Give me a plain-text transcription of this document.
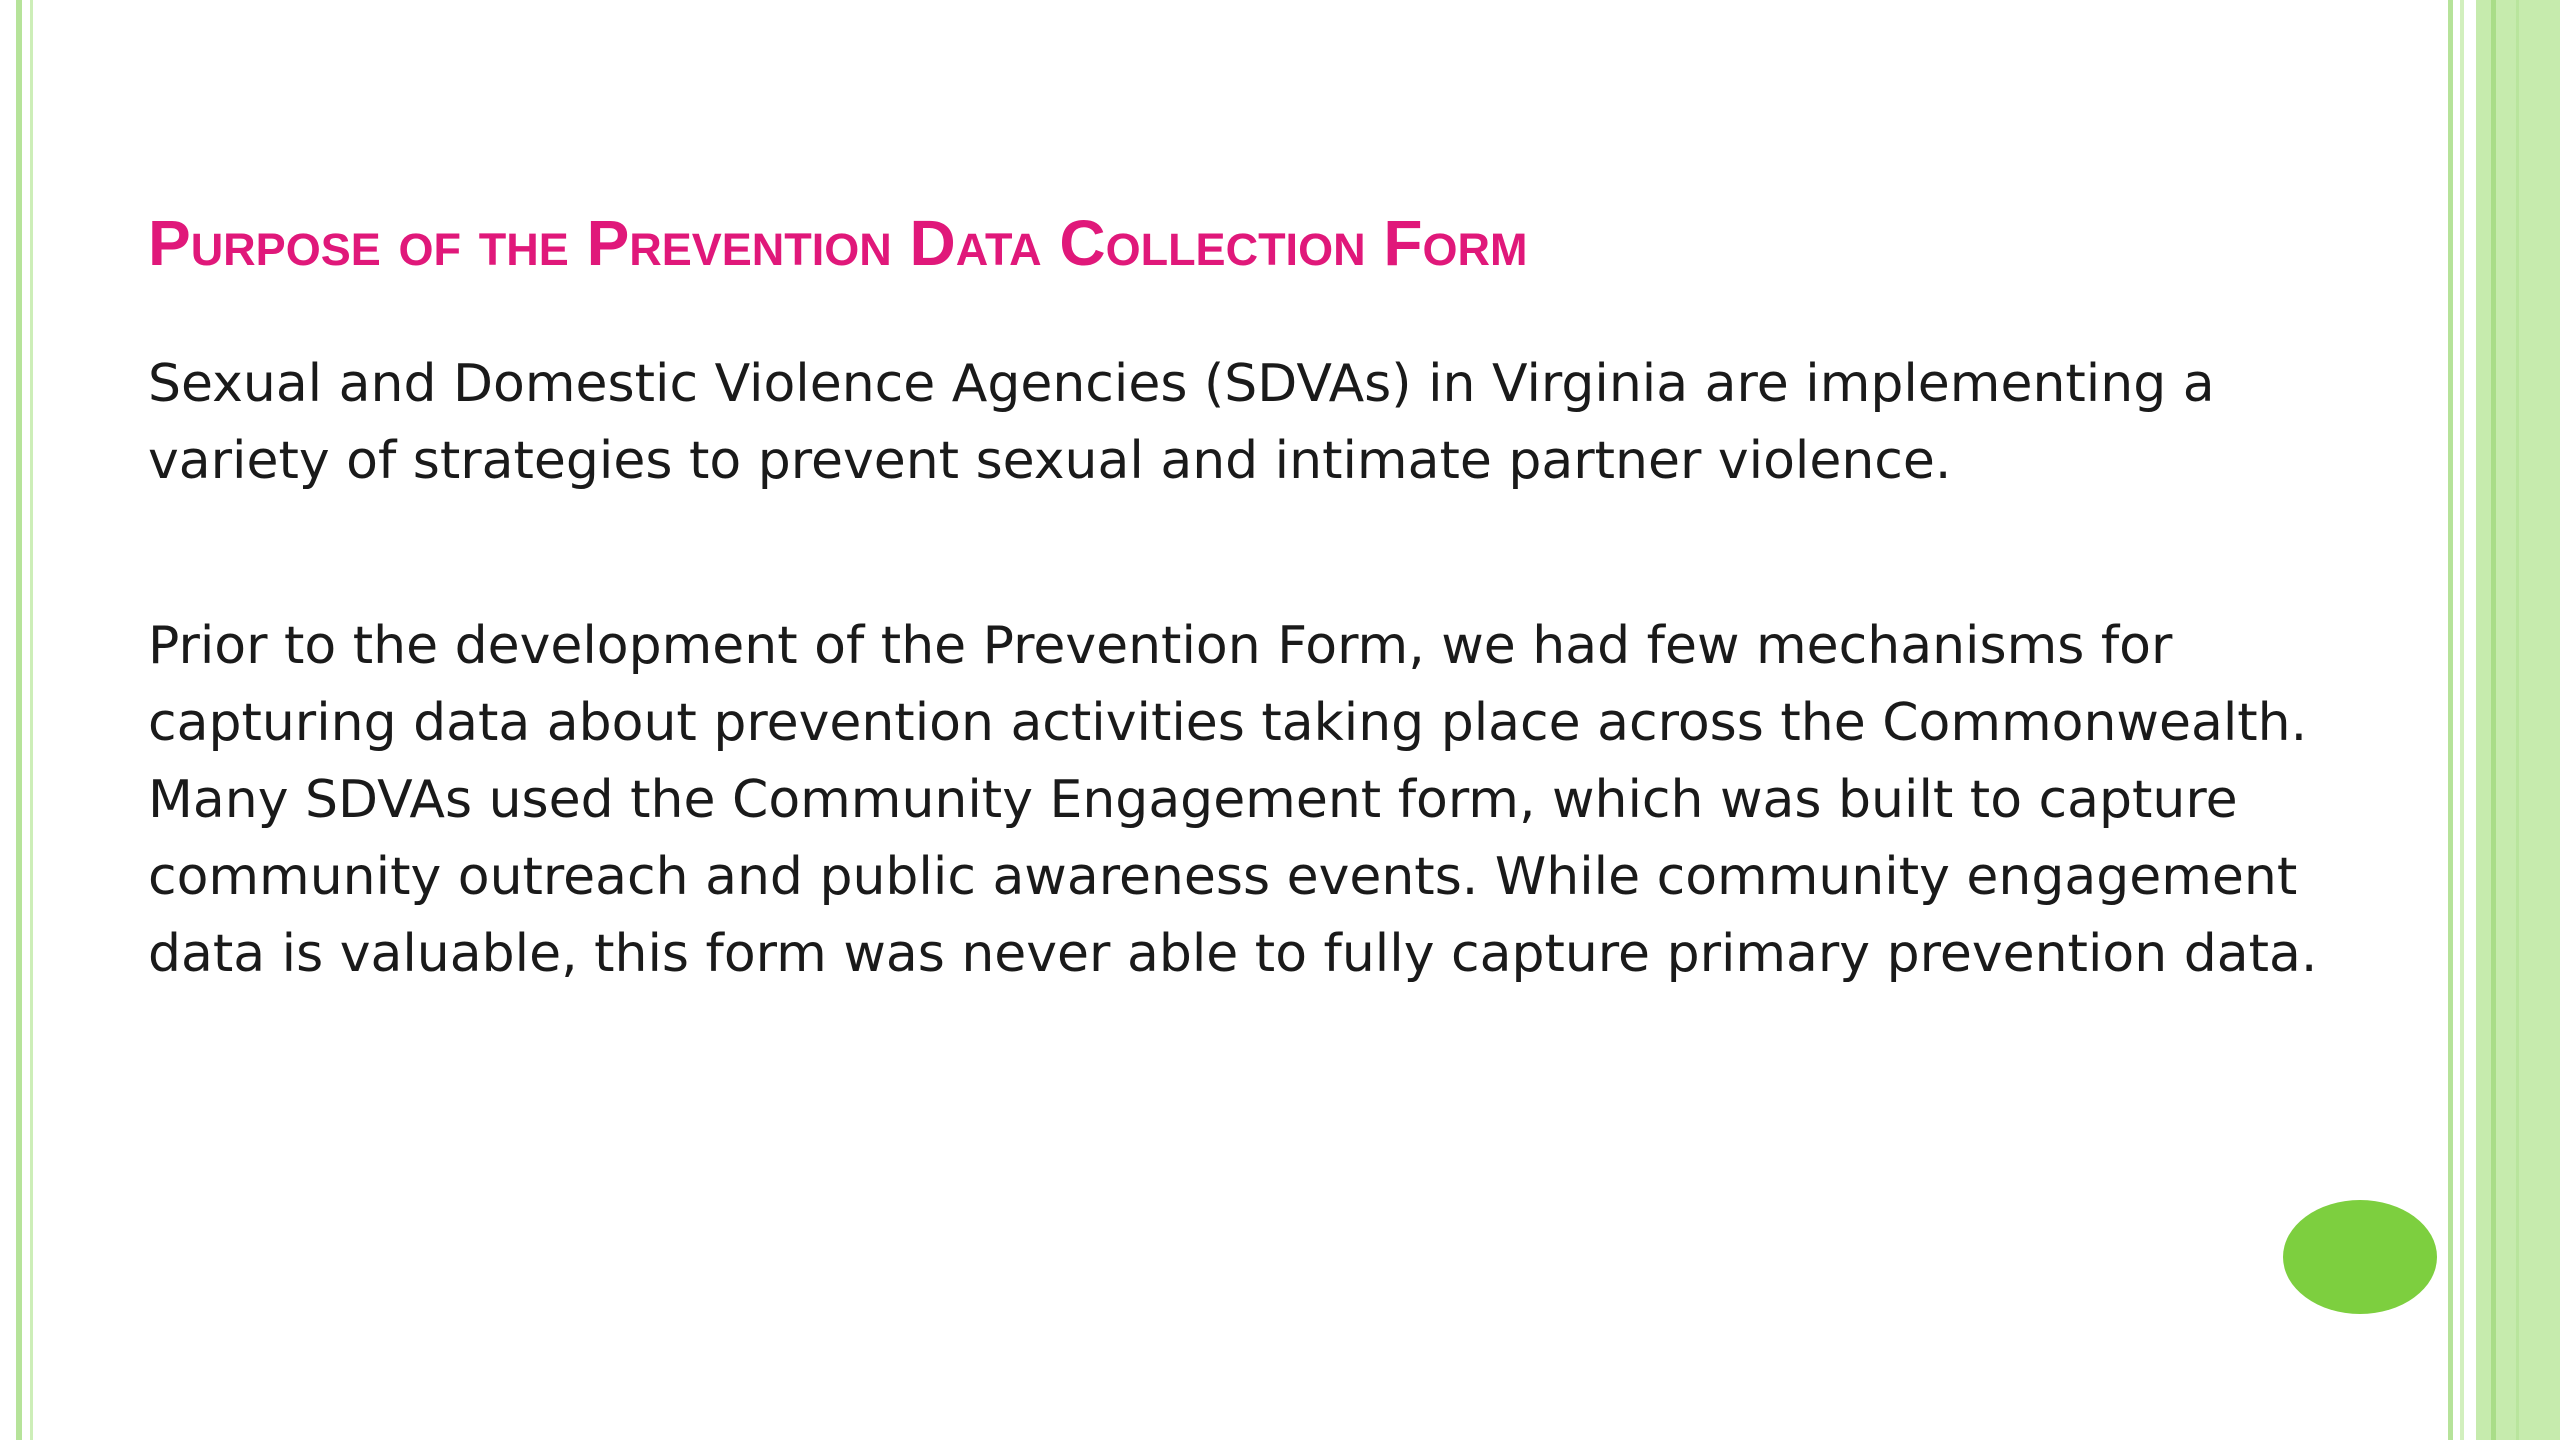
Purpose of the Prevention Data Collection Form

Sexual and Domestic Violence Agencies (SDVAs) in Virginia are implementing a variety of strategies to prevent sexual and intimate partner violence.

Prior to the development of the Prevention Form, we had few mechanisms for capturing data about prevention activities taking place across the Commonwealth. Many SDVAs used the Community Engagement form, which was built to capture community outreach and public awareness events. While community engagement data is valuable, this form was never able to fully capture primary prevention data.
